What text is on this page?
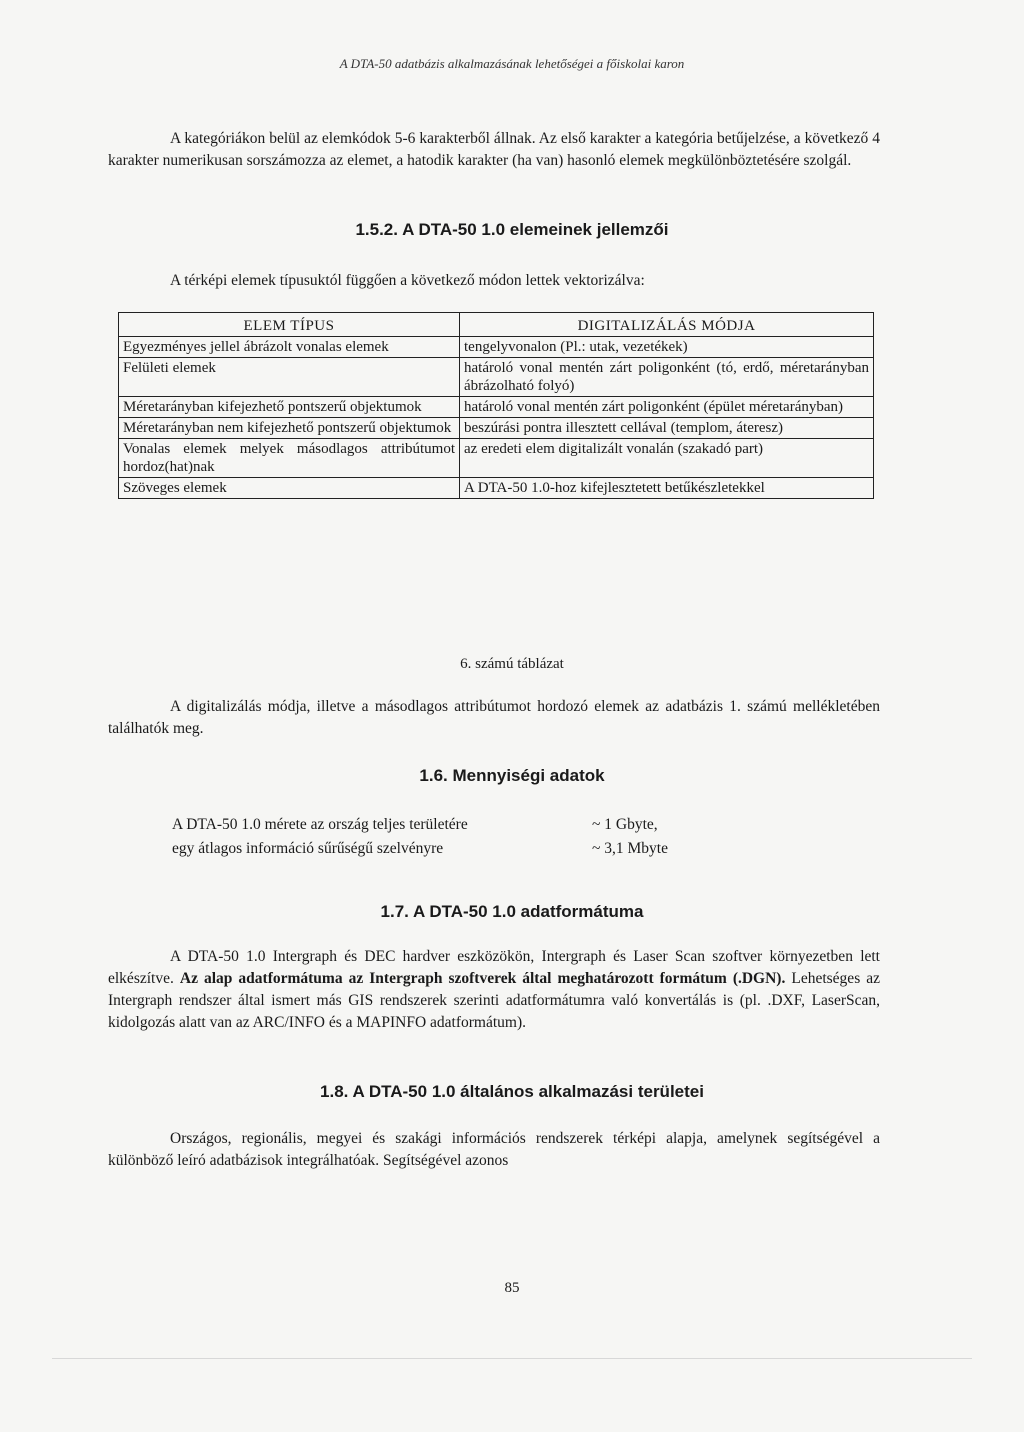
A DTA-50 adatbázis alkalmazásának lehetőségei a főiskolai karon

A kategóriákon belül az elemkódok 5-6 karakterből állnak. Az első karakter a kategória betűjelzése, a következő 4 karakter numerikusan sorszámozza az elemet, a hatodik karakter (ha van) hasonló elemek megkülönböztetésére szolgál.

1.5.2. A DTA-50 1.0 elemeinek jellemzői

A térképi elemek típusuktól függően a következő módon lettek vektorizálva:

ELEM TÍPUS	DIGITALIZÁLÁS MÓDJA
Egyezményes jellel ábrázolt vonalas elemek	tengelyvonalon (Pl.: utak, vezetékek)
Felületi elemek	határoló vonal mentén zárt poligonként (tó, erdő, méretarányban ábrázolható folyó)
Méretarányban kifejezhető pontszerű objektumok	határoló vonal mentén zárt poligonként (épület méretarányban)
Méretarányban nem kifejezhető pontszerű objektumok	beszúrási pontra illesztett cellával (templom, áteresz)
Vonalas elemek melyek másodlagos attribútumot hordoz(hat)nak	az eredeti elem digitalizált vonalán (szakadó part)
Szöveges elemek	A DTA-50 1.0-hoz kifejlesztetett betűkészletekkel
6. számú táblázat

A digitalizálás módja, illetve a másodlagos attribútumot hordozó elemek az adatbázis 1. számú mellékletében találhatók meg.

1.6. Mennyiségi adatok
A DTA-50 1.0 mérete az ország teljes területére	~ 1 Gbyte,
egy átlagos információ sűrűségű szelvényre	~ 3,1 Mbyte
1.7. A DTA-50 1.0 adatformátuma

A DTA-50 1.0 Intergraph és DEC hardver eszközökön, Intergraph és Laser Scan szoftver környezetben lett elkészítve. Az alap adatformátuma az Intergraph szoftverek által meghatározott formátum (.DGN). Lehetséges az Intergraph rendszer által ismert más GIS rendszerek szerinti adatformátumra való konvertálás is (pl. .DXF, LaserScan, kidolgozás alatt van az ARC/INFO és a MAPINFO adatformátum).

1.8. A DTA-50 1.0 általános alkalmazási területei

Országos, regionális, megyei és szakági információs rendszerek térképi alapja, amelynek segítségével a különböző leíró adatbázisok integrálhatóak. Segítségével azonos

85
